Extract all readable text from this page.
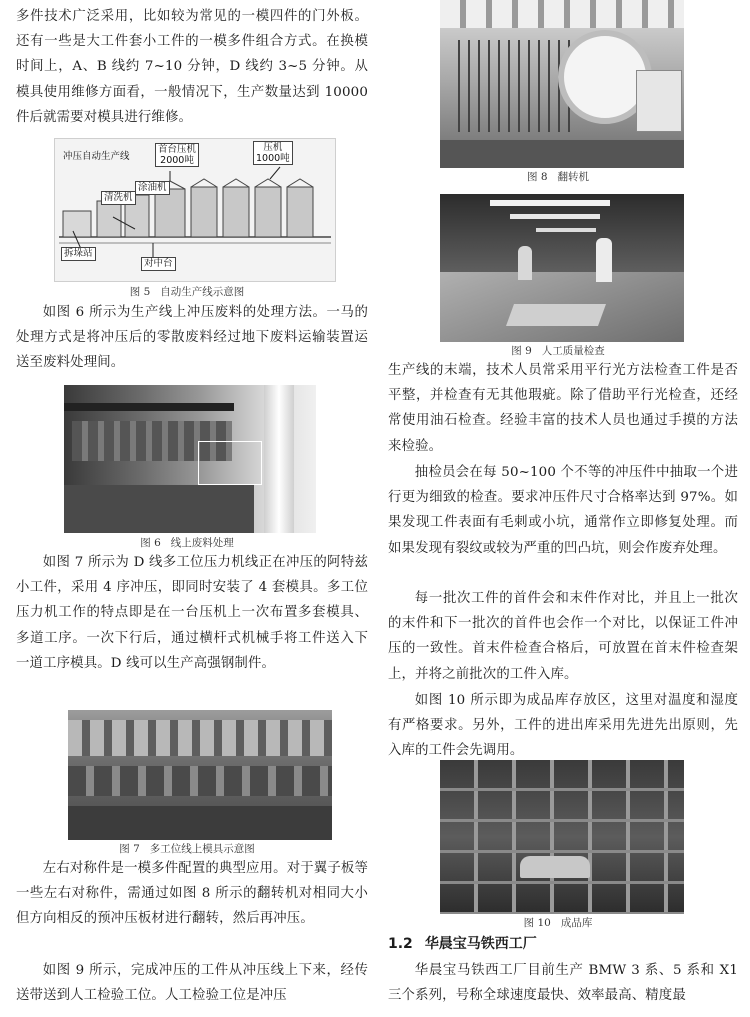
多件技术广泛采用，比如较为常见的一模四件的门外板。还有一些是大工件套小工件的一模多件组合方式。在换模时间上，A、B 线约 7~10 分钟，D 线约 3~5 分钟。从模具使用维修方面看，一般情况下，生产数量达到 10000 件后就需要对模具进行维修。

冲压自动生产线
首台压机
2000吨
压机
1000吨
清洗机
涂油机
拆垛站
对中台

图 5 自动生产线示意图

如图 6 所示为生产线上冲压废料的处理方法。一马的处理方式是将冲压后的零散废料经过地下废料运输装置运送至废料处理间。

图 6 线上废料处理

如图 7 所示为 D 线多工位压力机线正在冲压的阿特兹小工件，采用 4 序冲压，即同时安装了 4 套模具。多工位压力机工作的特点即是在一台压机上一次布置多套模具、多道工序。一次下行后，通过横杆式机械手将工件送入下一道工序模具。D 线可以生产高强钢制件。

图 7 多工位线上模具示意图

左右对称件是一模多件配置的典型应用。对于翼子板等一些左右对称件，需通过如图 8 所示的翻转机对相同大小但方向相反的预冲压板材进行翻转，然后再冲压。

如图 9 所示，完成冲压的工件从冲压线上下来，经传送带送到人工检验工位。人工检验工位是冲压

图 8 翻转机

图 9 人工质量检查

生产线的末端，技术人员常采用平行光方法检查工件是否平整，并检查有无其他瑕疵。除了借助平行光检查，还经常使用油石检查。经验丰富的技术人员也通过手摸的方法来检验。

抽检员会在每 50~100 个不等的冲压件中抽取一个进行更为细致的检查。要求冲压件尺寸合格率达到 97%。如果发现工件表面有毛刺或小坑，通常作立即修复处理。而如果发现有裂纹或较为严重的凹凸坑，则会作废弃处理。

每一批次工件的首件会和末件作对比，并且上一批次的末件和下一批次的首件也会作一个对比，以保证工件冲压的一致性。首末件检查合格后，可放置在首末件检查架上，并将之前批次的工件入库。

如图 10 所示即为成品库存放区，这里对温度和湿度有严格要求。另外，工件的进出库采用先进先出原则，先入库的工件会先调用。

图 10 成品库

1.2 华晨宝马铁西工厂

华晨宝马铁西工厂目前生产 BMW 3 系、5 系和 X1 三个系列，号称全球速度最快、效率最高、精度最
